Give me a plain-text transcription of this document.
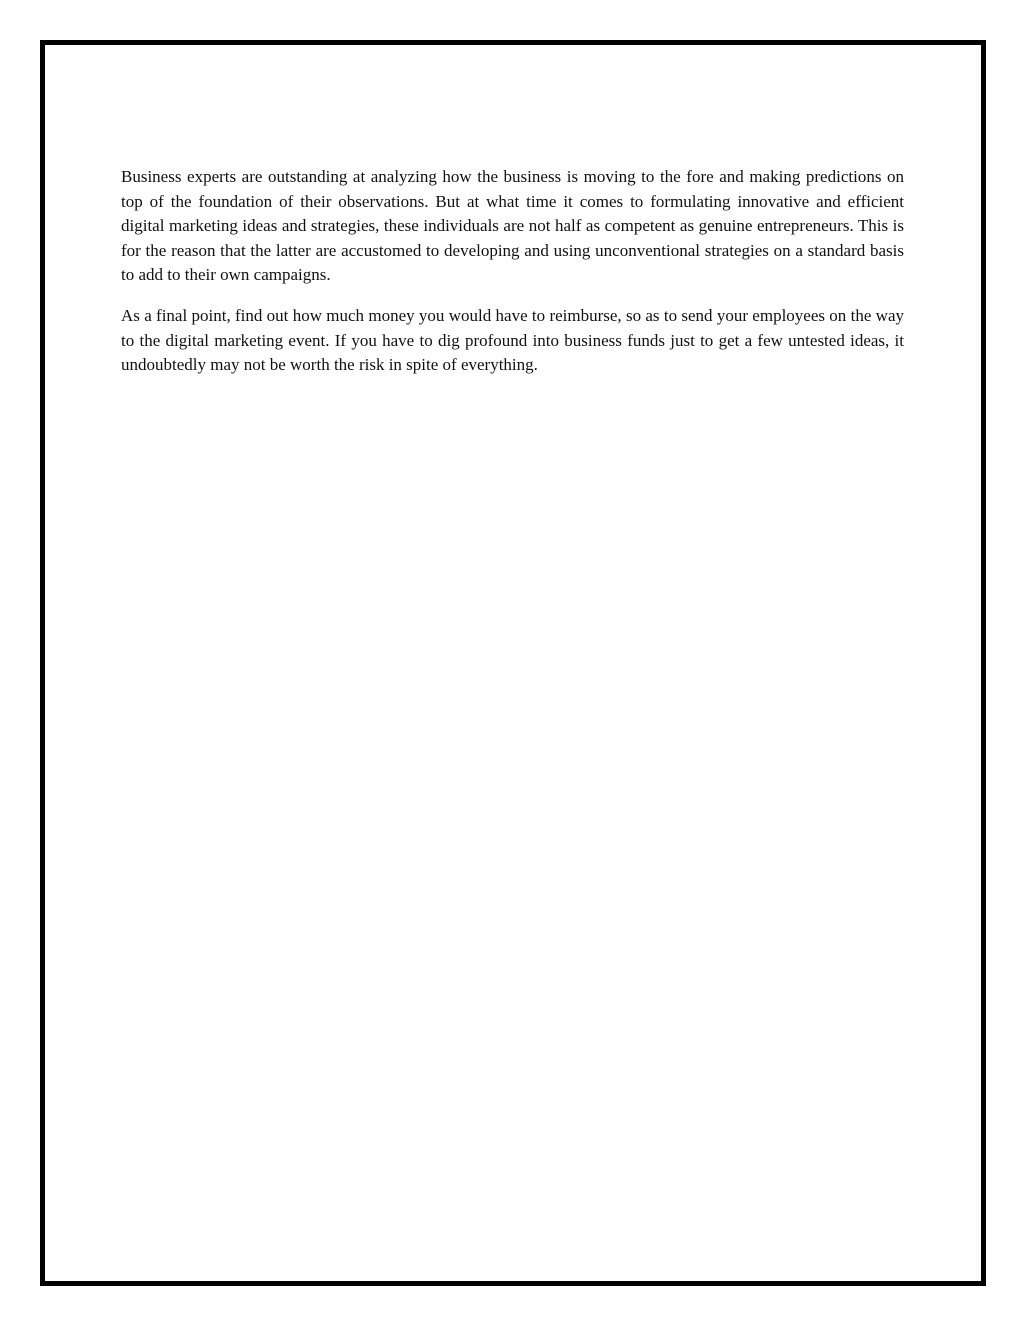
Business experts are outstanding at analyzing how the business is moving to the fore and making predictions on top of the foundation of their observations. But at what time it comes to formulating innovative and efficient digital marketing ideas and strategies, these individuals are not half as competent as genuine entrepreneurs. This is for the reason that the latter are accustomed to developing and using unconventional strategies on a standard basis to add to their own campaigns.

As a final point, find out how much money you would have to reimburse, so as to send your employees on the way to the digital marketing event. If you have to dig profound into business funds just to get a few untested ideas, it undoubtedly may not be worth the risk in spite of everything.
